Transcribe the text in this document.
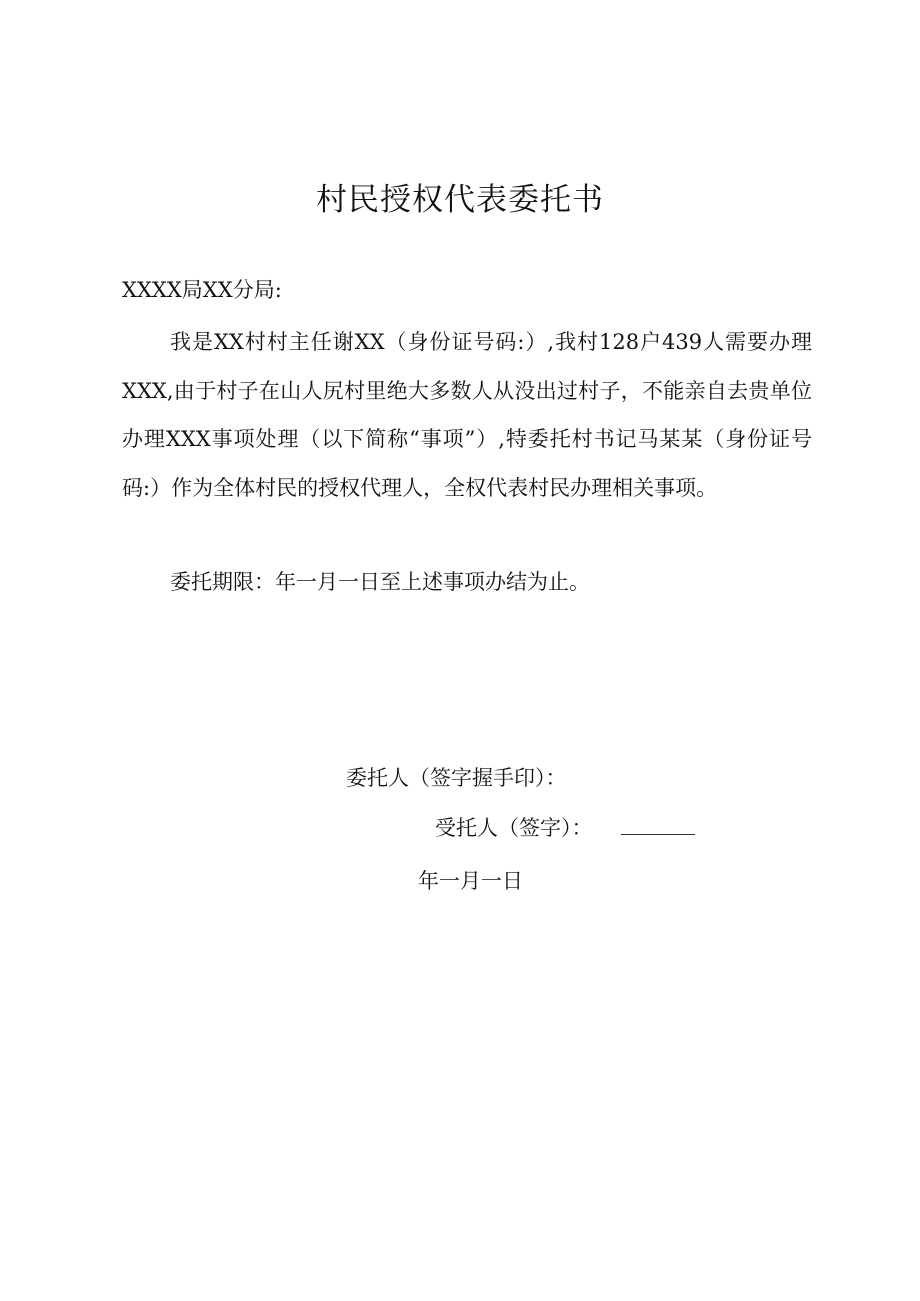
村民授权代表委托书
XXXX局XX分局:

我是XX村村主任谢XX（身份证号码:）,我村128户439人需要办理XXX,由于村子在山人尻村里绝大多数人从没出过村子，不能亲自去贵单位办理XXX事项处理（以下简称“事项”）,特委托村书记马某某（身份证号码:）作为全体村民的授权代理人，全权代表村民办理相关事项。

委托期限：年一月一日至上述事项办结为止。

委托人（签字握手印）：
受托人（签字）：
年一月一日
